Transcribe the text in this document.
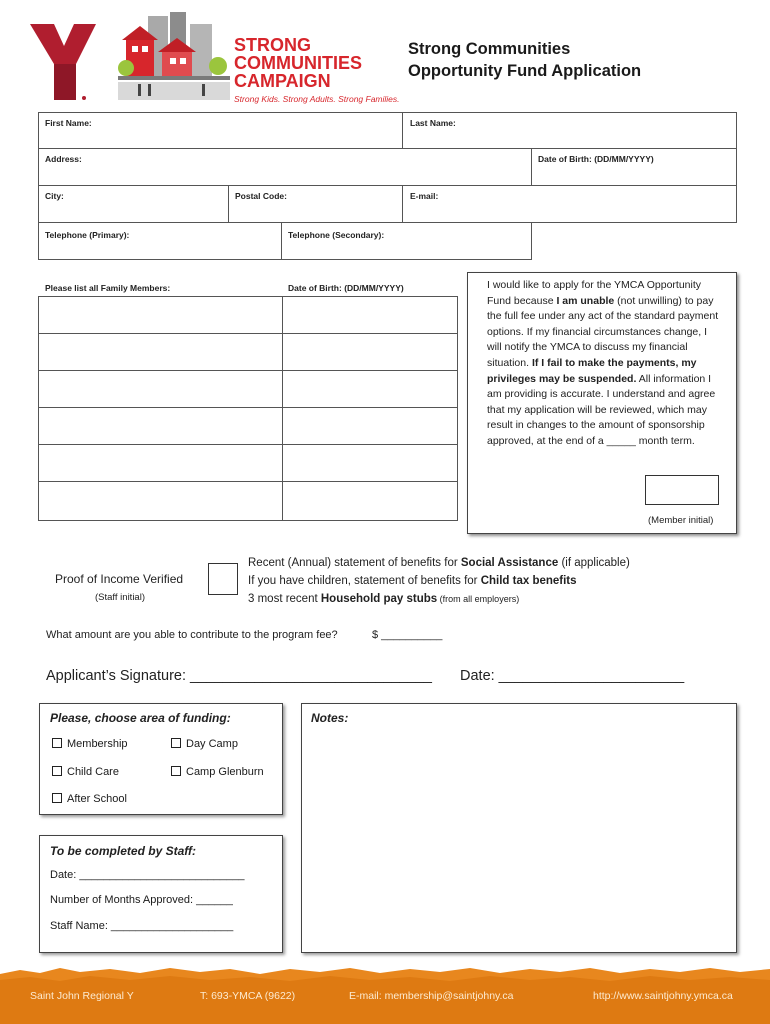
STRONG
COMMUNITIES
CAMPAIGN
Strong Kids. Strong Adults. Strong Families.
Strong Communities
Opportunity Fund Application
First Name:	Last Name:
Address:	Date of Birth: (DD/MM/YYYY)
City:	Postal Code:	E-mail:
Telephone (Primary):	Telephone (Secondary):
Please list all Family Members:	Date of Birth: (DD/MM/YYYY)	I would like to apply for the YMCA Opportunity Fund because I am unable (not unwilling) to pay the full fee under any act of the standard payment options. If my financial circumstances change, I will notify the YMCA to discuss my financial situation. If I fail to make the payments, my privileges may be suspended. All information I am providing is accurate. I understand and agree that my application will be reviewed, which may result in changes to the amount of sponsorship approved, at the end of a _____ month term.
(Member initial)
Proof of Income Verified
(Staff initial)
Recent (Annual) statement of benefits for Social Assistance (if applicable)
If you have children, statement of benefits for Child tax benefits
3 most recent Household pay stubs (from all employers)
What amount are you able to contribute to the program fee?	$ __________
Applicant’s Signature: ______________________________ Date: _______________________
Please, choose area of funding:
Membership	Day Camp
Child Care	Camp Glenburn
After School
Notes:
To be completed by Staff:
Date: ___________________________
Number of Months Approved: ______
Staff Name: ____________________
Saint John Regional Y	T: 693-YMCA (9622)	E-mail: membership@saintjohny.ca	http://www.saintjohny.ymca.ca
